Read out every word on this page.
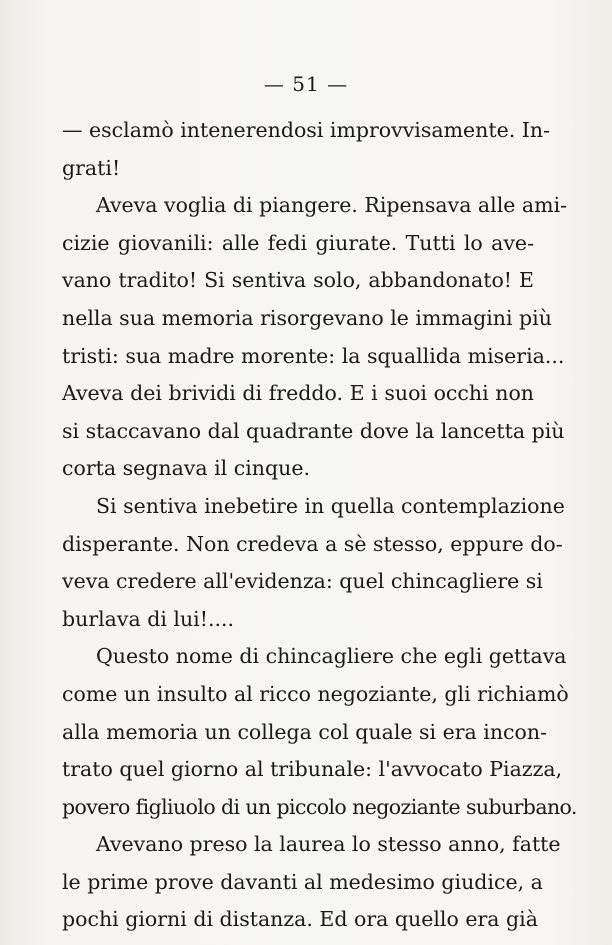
— 51 —
— esclamò intenerendosi improvvisamente. In-
grati!
Aveva voglia di piangere. Ripensava alle ami-
cizie giovanili: alle fedi giurate. Tutti lo ave-
vano tradito! Si sentiva solo, abbandonato! E
nella sua memoria risorgevano le immagini più
tristi: sua madre morente: la squallida miseria...
Aveva dei brividi di freddo. E i suoi occhi non
si staccavano dal quadrante dove la lancetta più
corta segnava il cinque.
Si sentiva inebetire in quella contemplazione
disperante. Non credeva a sè stesso, eppure do-
veva credere all'evidenza: quel chincagliere si
burlava di lui!....
Questo nome di chincagliere che egli gettava
come un insulto al ricco negoziante, gli richiamò
alla memoria un collega col quale si era incon-
trato quel giorno al tribunale: l'avvocato Piazza,
povero figliuolo di un piccolo negoziante suburbano.
Avevano preso la laurea lo stesso anno, fatte
le prime prove davanti al medesimo giudice, a
pochi giorni di distanza. Ed ora quello era già
